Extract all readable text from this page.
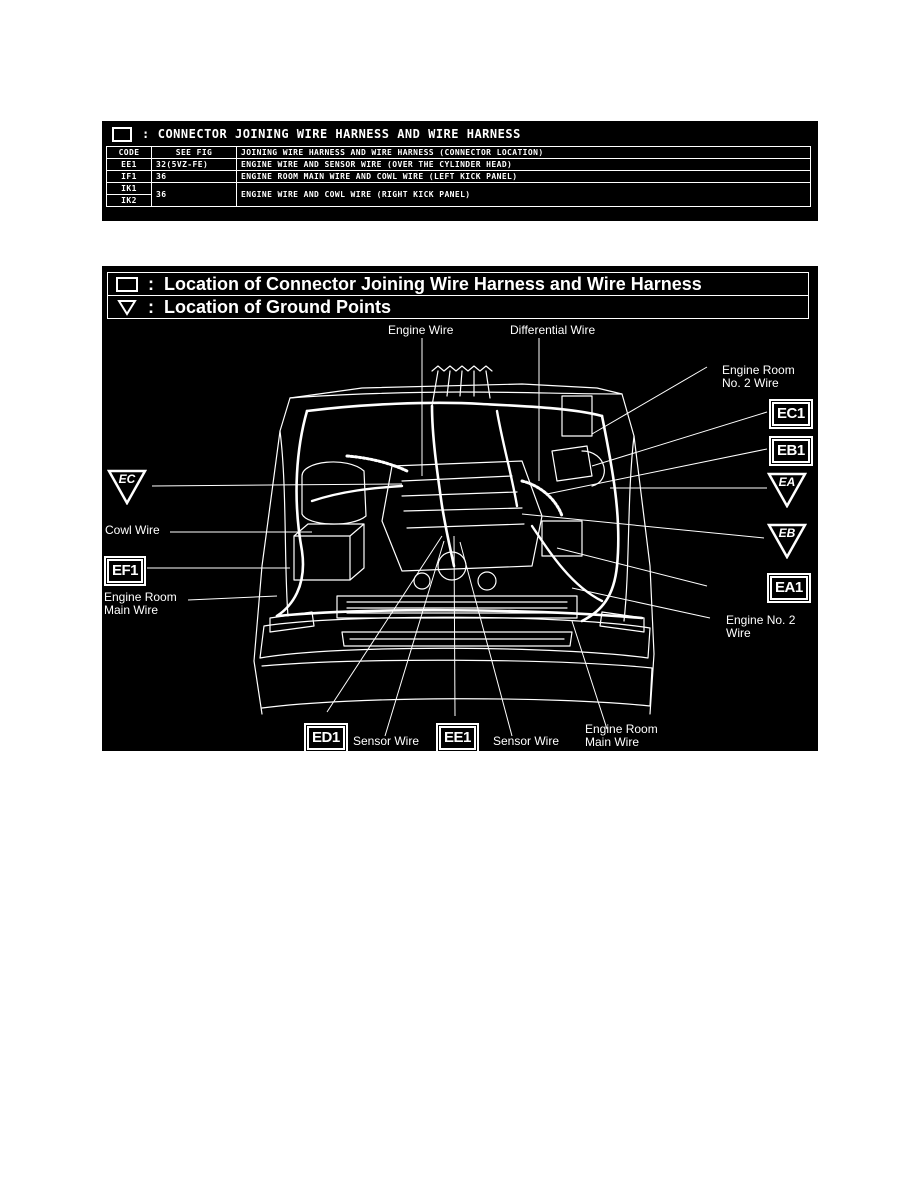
: CONNECTOR JOINING WIRE HARNESS AND WIRE HARNESS
CODE	SEE FIG	JOINING WIRE HARNESS AND WIRE HARNESS (CONNECTOR LOCATION)
EE1	32(5VZ-FE)	ENGINE WIRE AND SENSOR WIRE (OVER THE CYLINDER HEAD)
IF1	36	ENGINE ROOM MAIN WIRE AND COWL WIRE (LEFT KICK PANEL)
IK1	36	ENGINE WIRE AND COWL WIRE (RIGHT KICK PANEL)
IK2		
: Location of Connector Joining Wire Harness and Wire Harness
: Location of Ground Points
Engine Wire	Differential Wire
Engine Room
No. 2 Wire
Cowl Wire
Engine Room
Main Wire
Engine No. 2
Wire
Sensor Wire	Sensor Wire
Engine Room
Main Wire
EC1
EB1
EF1
EA1
ED1	EE1
EC	EA
EB
